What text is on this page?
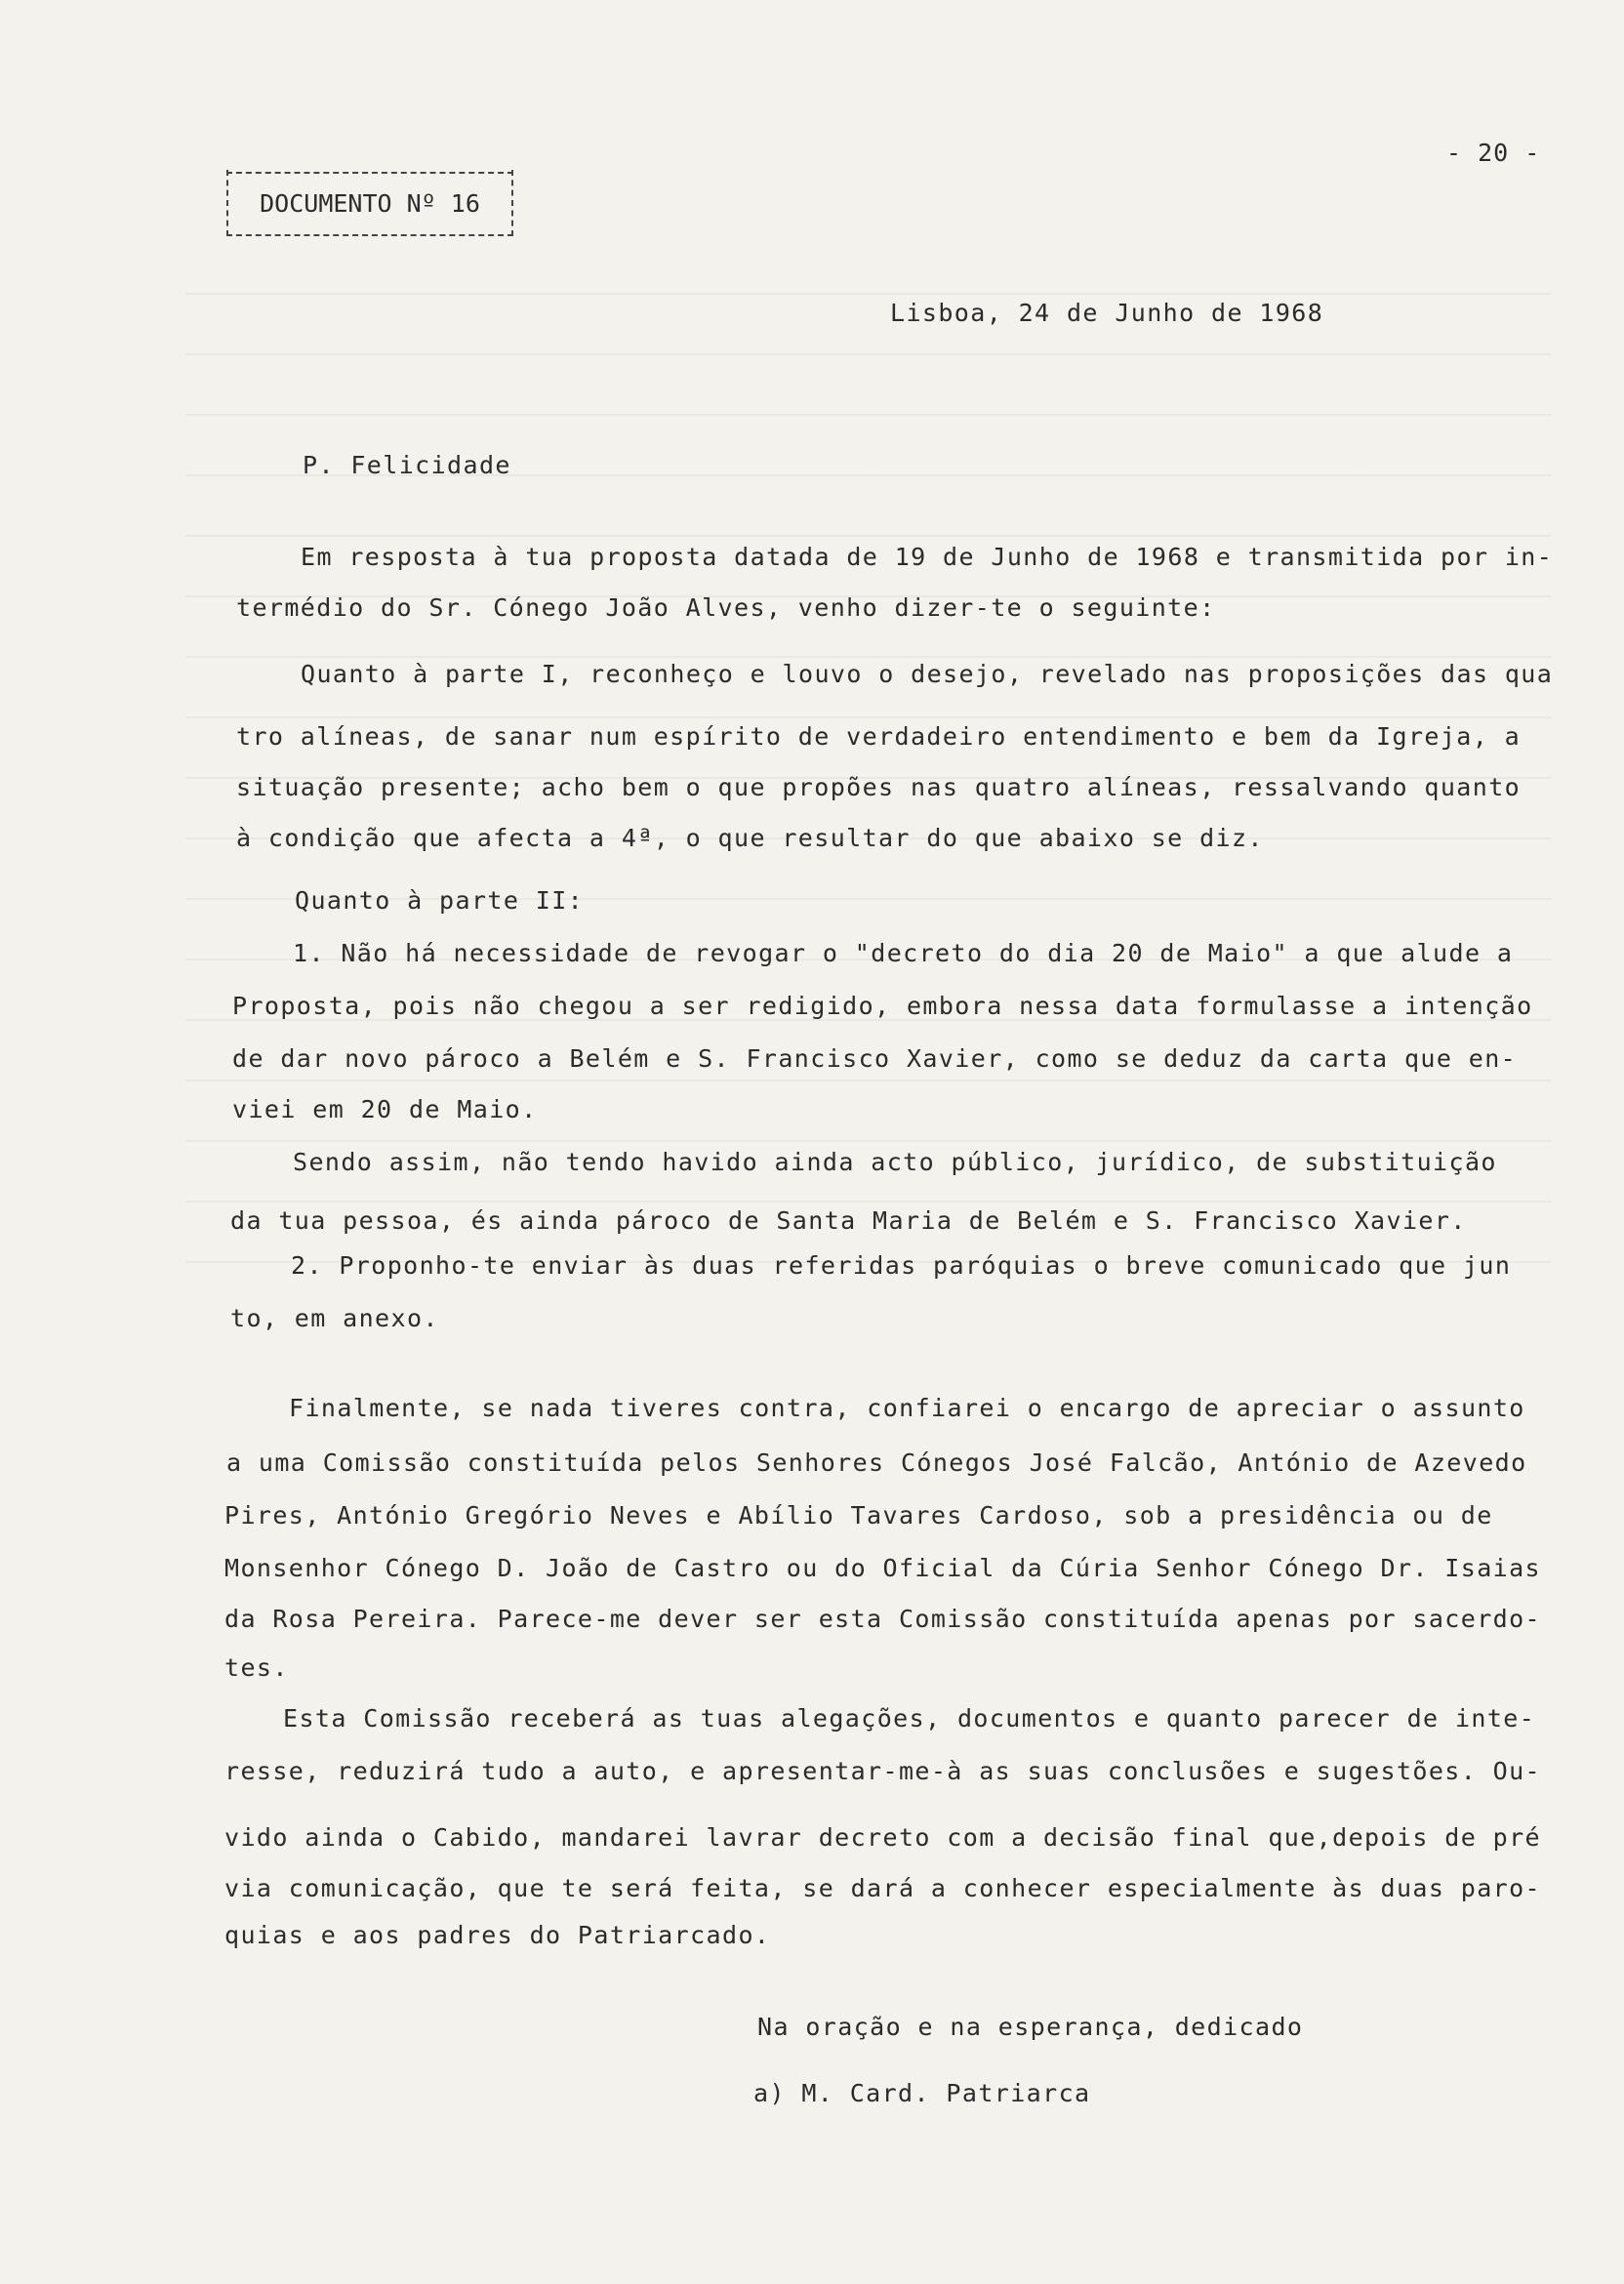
- 20 -
DOCUMENTO Nº 16
Lisboa, 24 de Junho de 1968
P. Felicidade
Em resposta à tua proposta datada de 19 de Junho de 1968 e transmitida por in-
termédio do Sr. Cónego João Alves, venho dizer-te o seguinte:
Quanto à parte I, reconheço e louvo o desejo, revelado nas proposições das qua
tro alíneas, de sanar num espírito de verdadeiro entendimento e bem da Igreja, a
situação presente; acho bem o que propões nas quatro alíneas, ressalvando quanto
à condição que afecta a 4ª, o que resultar do que abaixo se diz.
Quanto à parte II:
1. Não há necessidade de revogar o "decreto do dia 20 de Maio" a que alude a
Proposta, pois não chegou a ser redigido, embora nessa data formulasse a intenção
de dar novo pároco a Belém e S. Francisco Xavier, como se deduz da carta que en-
viei em 20 de Maio.
Sendo assim, não tendo havido ainda acto público, jurídico, de substituição
da tua pessoa, és ainda pároco de Santa Maria de Belém e S. Francisco Xavier.
2. Proponho-te enviar às duas referidas paróquias o breve comunicado que jun
to, em anexo.
Finalmente, se nada tiveres contra, confiarei o encargo de apreciar o assunto
a uma Comissão constituída pelos Senhores Cónegos José Falcão, António de Azevedo
Pires, António Gregório Neves e Abílio Tavares Cardoso, sob a presidência ou de
Monsenhor Cónego D. João de Castro ou do Oficial da Cúria Senhor Cónego Dr. Isaias
da Rosa Pereira. Parece-me dever ser esta Comissão constituída apenas por sacerdo-
tes.
Esta Comissão receberá as tuas alegações, documentos e quanto parecer de inte-
resse, reduzirá tudo a auto, e apresentar-me-à as suas conclusões e sugestões. Ou-
vido ainda o Cabido, mandarei lavrar decreto com a decisão final que,depois de pré
via comunicação, que te será feita, se dará a conhecer especialmente às duas paro-
quias e aos padres do Patriarcado.
Na oração e na esperança, dedicado
a) M. Card. Patriarca
